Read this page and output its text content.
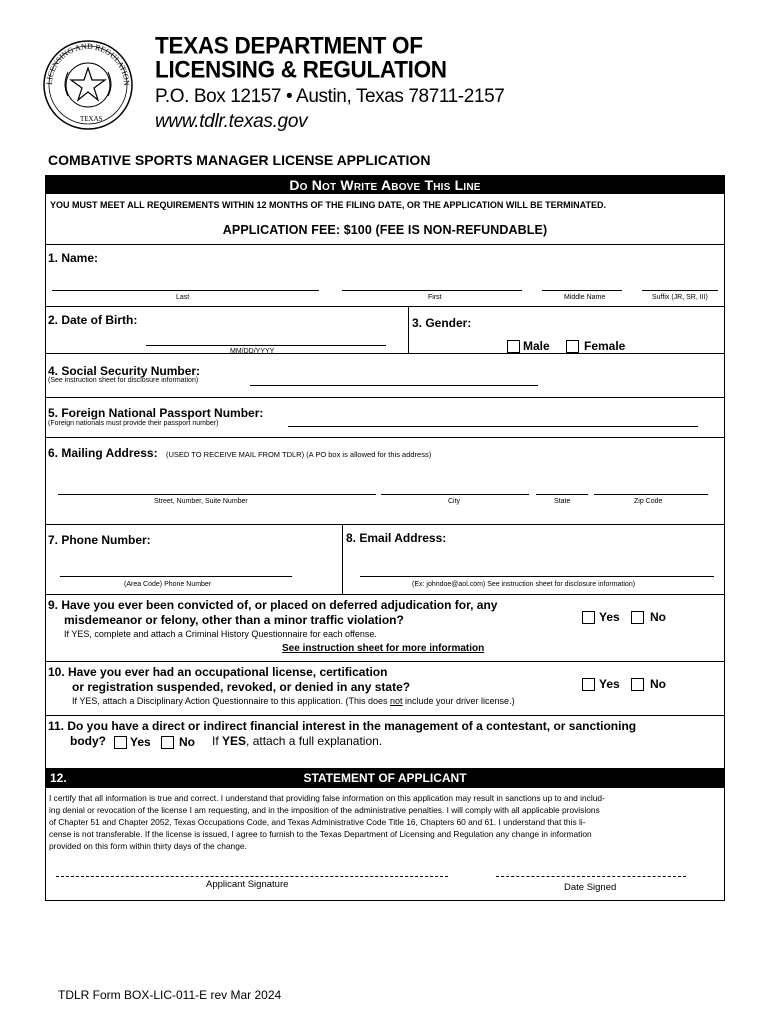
LICENSING AND REGULATION
TEXAS
TEXAS DEPARTMENT OF
LICENSING & REGULATION
P.O. Box 12157 • Austin, Texas 78711-2157
www.tdlr.texas.gov
COMBATIVE SPORTS MANAGER LICENSE APPLICATION
Do Not Write Above This Line
YOU MUST MEET ALL REQUIREMENTS WITHIN 12 MONTHS OF THE FILING DATE, OR THE APPLICATION WILL BE TERMINATED.
APPLICATION FEE: $100 (FEE IS NON-REFUNDABLE)
1. Name:
Last	First	Middle Name	Suffix (JR, SR, III)
2. Date of Birth:
MM/DD/YYYY
3. Gender:
Male	Female
4. Social Security Number:
(See instruction sheet for disclosure information)
5. Foreign National Passport Number:
(Foreign nationals must provide their passport number)
6. Mailing Address: (USED TO RECEIVE MAIL FROM TDLR) (A PO box is allowed for this address)
Street, Number, Suite Number	City	State	Zip Code
7. Phone Number:
(Area Code) Phone Number
8. Email Address:
(Ex: johndoe@aol.com) See instruction sheet for disclosure information)
9. Have you ever been convicted of, or placed on deferred adjudication for, any
misdemeanor or felony, other than a minor traffic violation?
If YES, complete and attach a Criminal History Questionnaire for each offense.
See instruction sheet for more information
Yes	No
10. Have you ever had an occupational license, certification
or registration suspended, revoked, or denied in any state?
If YES, attach a Disciplinary Action Questionnaire to this application. (This does not include your driver license.)
Yes	No
11. Do you have a direct or indirect financial interest in the management of a contestant, or sanctioning
body? Yes No If YES, attach a full explanation.
12.	STATEMENT OF APPLICANT
I certify that all information is true and correct. I understand that providing false information on this application may result in sanctions up to and includ-
ing denial or revocation of the license I am requesting, and in the imposition of the administrative penalties. I will comply with all applicable provisions
of Chapter 51 and Chapter 2052, Texas Occupations Code, and Texas Administrative Code Title 16, Chapters 60 and 61. I understand that this li-
cense is not transferable. If the license is issued, I agree to furnish to the Texas Department of Licensing and Regulation any change in information
provided on this form within thirty days of the change.
Applicant Signature	Date Signed
TDLR Form BOX-LIC-011-E rev Mar 2024
